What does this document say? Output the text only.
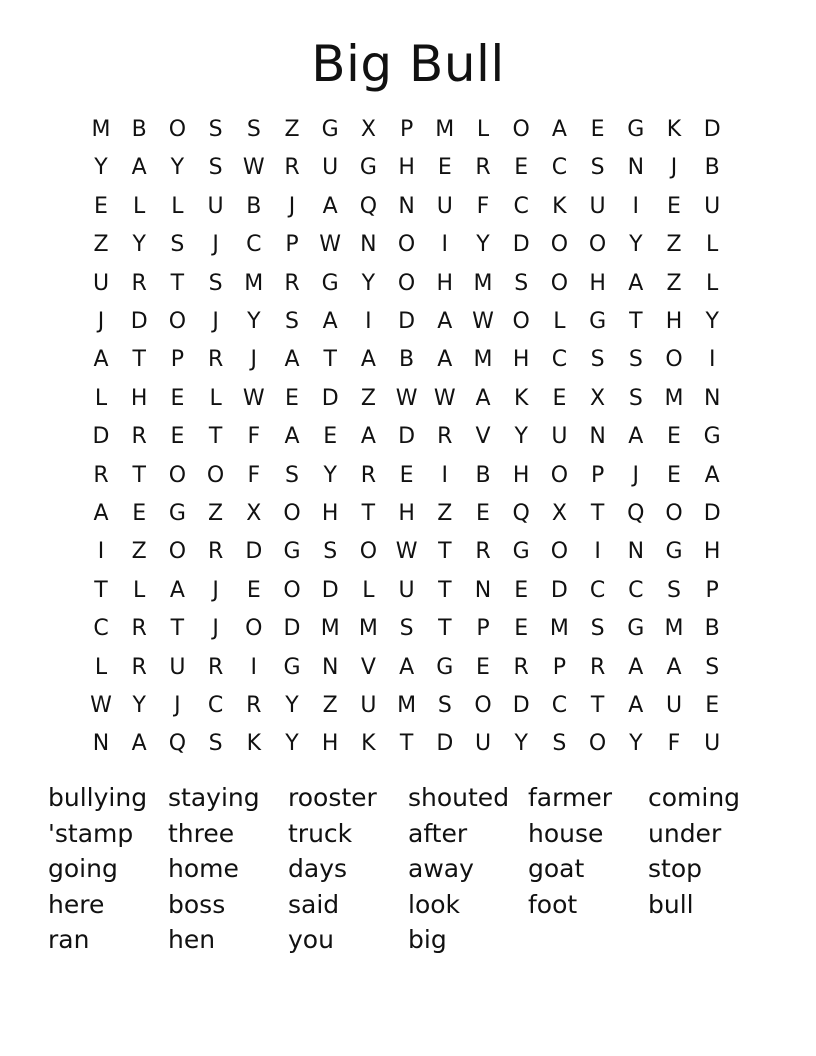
Big Bull
M B O	S	S	Z	G	X	P	M	L	O	A	E	G	K	D
Y	A	Y	S W R	U G H	E	R	E	C	S	N	J	B
E	L	L	U	B	J	A	Q N U	F	C	K	U	I	E	U
Z	Y	S	J	C	P W N O	I	Y	D O O	Y	Z	L
U	R	T	S M R	G	Y	O H M S	O H	A	Z	L
J	D O	J	Y	S	A	I	D	A W O	L	G	T	H	Y
A	T	P	R	J	A	T	A	B	A M H	C	S	S	O	I
L	H	E	L W E	D	Z W W A	K	E	X	S M N
D	R	E	T	F	A	E	A	D	R	V	Y	U N	A	E	G
R	T	O O	F	S	Y	R	E	I	B	H O	P	J	E	A
A	E	G	Z	X	O H	T	H	Z	E	Q	X	T	Q O D
I	Z	O R	D G	S	O W T	R	G O	I	N G H
T	L	A	J	E	O D	L	U	T	N	E	D	C	C	S	P
C	R	T	J	O D M M S	T	P	E M S	G M B
L	R	U	R	I	G N	V	A	G	E	R	P	R	A	A	S
W Y	J	C	R	Y	Z	U M S	O D	C	T	A	U	E
N	A	Q	S	K	Y	H	K	T	D U	Y	S	O	Y	F	U
bullying staying rooster shouted farmer coming
'stamp three truck after house under
going home days away goat	stop
here	boss	said	look	foot	bull
ran	hen	you	big
